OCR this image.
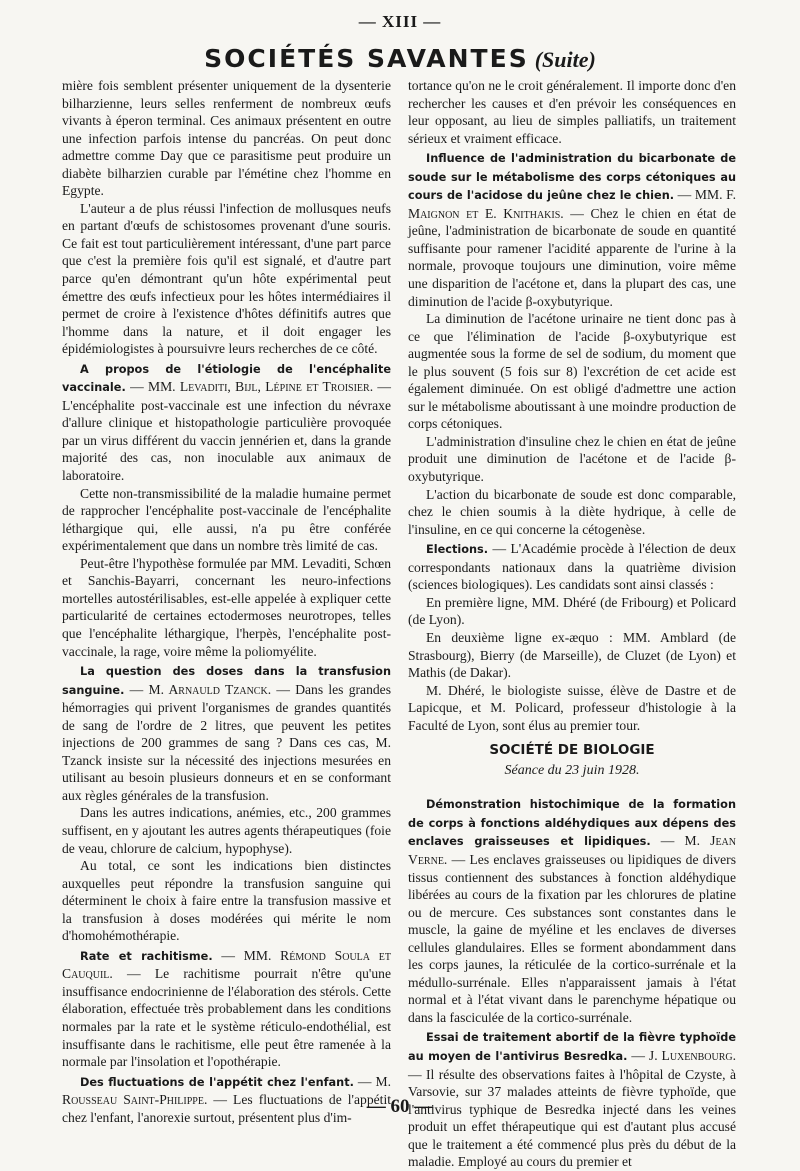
— XIII —
SOCIÉTÉS SAVANTES (Suite)

mière fois semblent présenter uniquement de la dysenterie bilharzienne, leurs selles renferment de nombreux œufs vivants à éperon terminal. Ces animaux présentent en outre une infection parfois intense du pancréas. On peut donc admettre comme Day que ce parasitisme peut produire un diabète bilharzien curable par l'émétine chez l'homme en Egypte.

L'auteur a de plus réussi l'infection de mollusques neufs en partant d'œufs de schistosomes provenant d'une souris. Ce fait est tout particulièrement intéressant, d'une part parce que c'est la première fois qu'il est signalé, et d'autre part parce qu'en démontrant qu'un hôte expérimental peut émettre des œufs infectieux pour les hôtes intermédiaires il permet de croire à l'existence d'hôtes définitifs autres que l'homme dans la nature, et il doit engager les épidémiologistes à poursuivre leurs recherches de ce côté.

A propos de l'étiologie de l'encéphalite vaccinale. — MM. Levaditi, Bijl, Lépine et Troisier. — L'encéphalite post-vaccinale est une infection du névraxe d'allure clinique et histopathologie particulière provoquée par un virus différent du vaccin jennérien et, dans la grande majorité des cas, non inoculable aux animaux de laboratoire.

Cette non-transmissibilité de la maladie humaine permet de rapprocher l'encéphalite post-vaccinale de l'encéphalite léthargique qui, elle aussi, n'a pu être conférée expérimentalement que dans un nombre très limité de cas.

Peut-être l'hypothèse formulée par MM. Levaditi, Schœn et Sanchis-Bayarri, concernant les neuro-infections mortelles autostérilisables, est-elle appelée à expliquer cette particularité de certaines ectodermoses neurotropes, telles que l'encéphalite léthargique, l'herpès, l'encéphalite post-vaccinale, la rage, voire même la poliomyélite.

La question des doses dans la transfusion sanguine. — M. Arnauld Tzanck. — Dans les grandes hémorragies qui privent l'organismes de grandes quantités de sang de l'ordre de 2 litres, que peuvent les petites injections de 200 grammes de sang ? Dans ces cas, M. Tzanck insiste sur la nécessité des injections mesurées en utilisant au besoin plusieurs donneurs et en se conformant aux règles générales de la transfusion.

Dans les autres indications, anémies, etc., 200 grammes suffisent, en y ajoutant les autres agents thérapeutiques (foie de veau, chlorure de calcium, hypophyse).

Au total, ce sont les indications bien distinctes auxquelles peut répondre la transfusion sanguine qui déterminent le choix à faire entre la transfusion massive et la transfusion à doses modérées qui mérite le nom d'homohémothérapie.

Rate et rachitisme. — MM. Rémond Soula et Cauquil. — Le rachitisme pourrait n'être qu'une insuffisance endocrinienne de l'élaboration des stérols. Cette élaboration, effectuée très probablement dans les conditions normales par la rate et le système réticulo-endothélial, est insuffisante dans le rachitisme, elle peut être ramenée à la normale par l'insolation et l'opothérapie.

Des fluctuations de l'appétit chez l'enfant. — M. Rousseau Saint-Philippe. — Les fluctuations de l'appétit chez l'enfant, l'anorexie surtout, présentent plus d'im-

tortance qu'on ne le croit généralement. Il importe donc d'en rechercher les causes et d'en prévoir les conséquences en leur opposant, au lieu de simples palliatifs, un traitement sérieux et vraiment efficace.

Influence de l'administration du bicarbonate de soude sur le métabolisme des corps cétoniques au cours de l'acidose du jeûne chez le chien. — MM. F. Maignon et E. Knithakis. — Chez le chien en état de jeûne, l'administration de bicarbonate de soude en quantité suffisante pour ramener l'acidité apparente de l'urine à la normale, provoque toujours une diminution, voire même une disparition de l'acétone et, dans la plupart des cas, une diminution de l'acide β-oxybutyrique.

La diminution de l'acétone urinaire ne tient donc pas à ce que l'élimination de l'acide β-oxybutyrique est augmentée sous la forme de sel de sodium, du moment que le plus souvent (5 fois sur 8) l'excrétion de cet acide est également diminuée. On est obligé d'admettre une action sur le métabolisme aboutissant à une moindre production de corps cétoniques.

L'administration d'insuline chez le chien en état de jeûne produit une diminution de l'acétone et de l'acide β-oxybutyrique.

L'action du bicarbonate de soude est donc comparable, chez le chien soumis à la diète hydrique, à celle de l'insuline, en ce qui concerne la cétogenèse.

Elections. — L'Académie procède à l'élection de deux correspondants nationaux dans la quatrième division (sciences biologiques). Les candidats sont ainsi classés :

En première ligne, MM. Dhéré (de Fribourg) et Policard (de Lyon).

En deuxième ligne ex-æquo : MM. Amblard (de Strasbourg), Bierry (de Marseille), de Cluzet (de Lyon) et Mathis (de Dakar).

M. Dhéré, le biologiste suisse, élève de Dastre et de Lapicque, et M. Policard, professeur d'histologie à la Faculté de Lyon, sont élus au premier tour.

SOCIÉTÉ DE BIOLOGIE
Séance du 23 juin 1928.

Démonstration histochimique de la formation de corps à fonctions aldéhydiques aux dépens des enclaves graisseuses et lipidiques. — M. Jean Verne. — Les enclaves graisseuses ou lipidiques de divers tissus contiennent des substances à fonction aldéhydique libérées au cours de la fixation par les chlorures de platine ou de mercure. Ces substances sont constantes dans le muscle, la gaine de myéline et les enclaves de diverses cellules glandulaires. Elles se forment abondamment dans les corps jaunes, la réticulée de la cortico-surrénale et la médullo-surrénale. Elles n'apparaissent jamais à l'état normal et à l'état vivant dans le parenchyme hépatique ou dans la fasciculée de la cortico-surrénale.

Essai de traitement abortif de la fièvre typhoïde au moyen de l'antivirus Besredka. — J. Luxenbourg. — Il résulte des observations faites à l'hôpital de Czyste, à Varsovie, sur 37 malades atteints de fièvre typhoïde, que l'antivirus typhique de Besredka injecté dans les veines produit un effet thérapeutique qui est d'autant plus accusé que le traitement a été commencé plus près du début de la maladie. Employé au cours du premier et

— 60 —
